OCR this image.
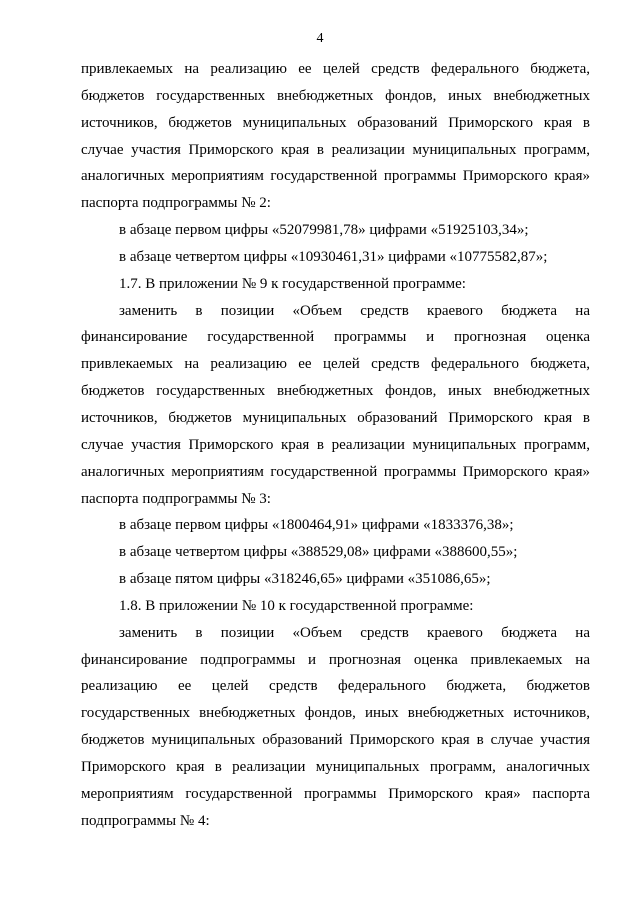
4
привлекаемых на реализацию ее целей средств федерального бюджета,
бюджетов государственных внебюджетных фондов, иных внебюджетных
источников, бюджетов муниципальных образований Приморского края в
случае участия Приморского края в реализации муниципальных программ,
аналогичных мероприятиям государственной программы Приморского края»
паспорта подпрограммы № 2:
в абзаце первом цифры «52079981,78» цифрами «51925103,34»;
в абзаце четвертом цифры «10930461,31» цифрами «10775582,87»;
1.7. В приложении № 9 к государственной программе:
заменить в позиции «Объем средств краевого бюджета на
финансирование государственной программы и прогнозная оценка
привлекаемых на реализацию ее целей средств федерального бюджета,
бюджетов государственных внебюджетных фондов, иных внебюджетных
источников, бюджетов муниципальных образований Приморского края в
случае участия Приморского края в реализации муниципальных программ,
аналогичных мероприятиям государственной программы Приморского края»
паспорта подпрограммы № 3:
в абзаце первом цифры «1800464,91» цифрами «1833376,38»;
в абзаце четвертом цифры «388529,08» цифрами «388600,55»;
в абзаце пятом цифры «318246,65» цифрами «351086,65»;
1.8. В приложении № 10 к государственной программе:
заменить в позиции «Объем средств краевого бюджета на
финансирование подпрограммы и прогнозная оценка привлекаемых на
реализацию ее целей средств федерального бюджета, бюджетов
государственных внебюджетных фондов, иных внебюджетных источников,
бюджетов муниципальных образований Приморского края в случае участия
Приморского края в реализации муниципальных программ, аналогичных
мероприятиям государственной программы Приморского края» паспорта
подпрограммы № 4:
